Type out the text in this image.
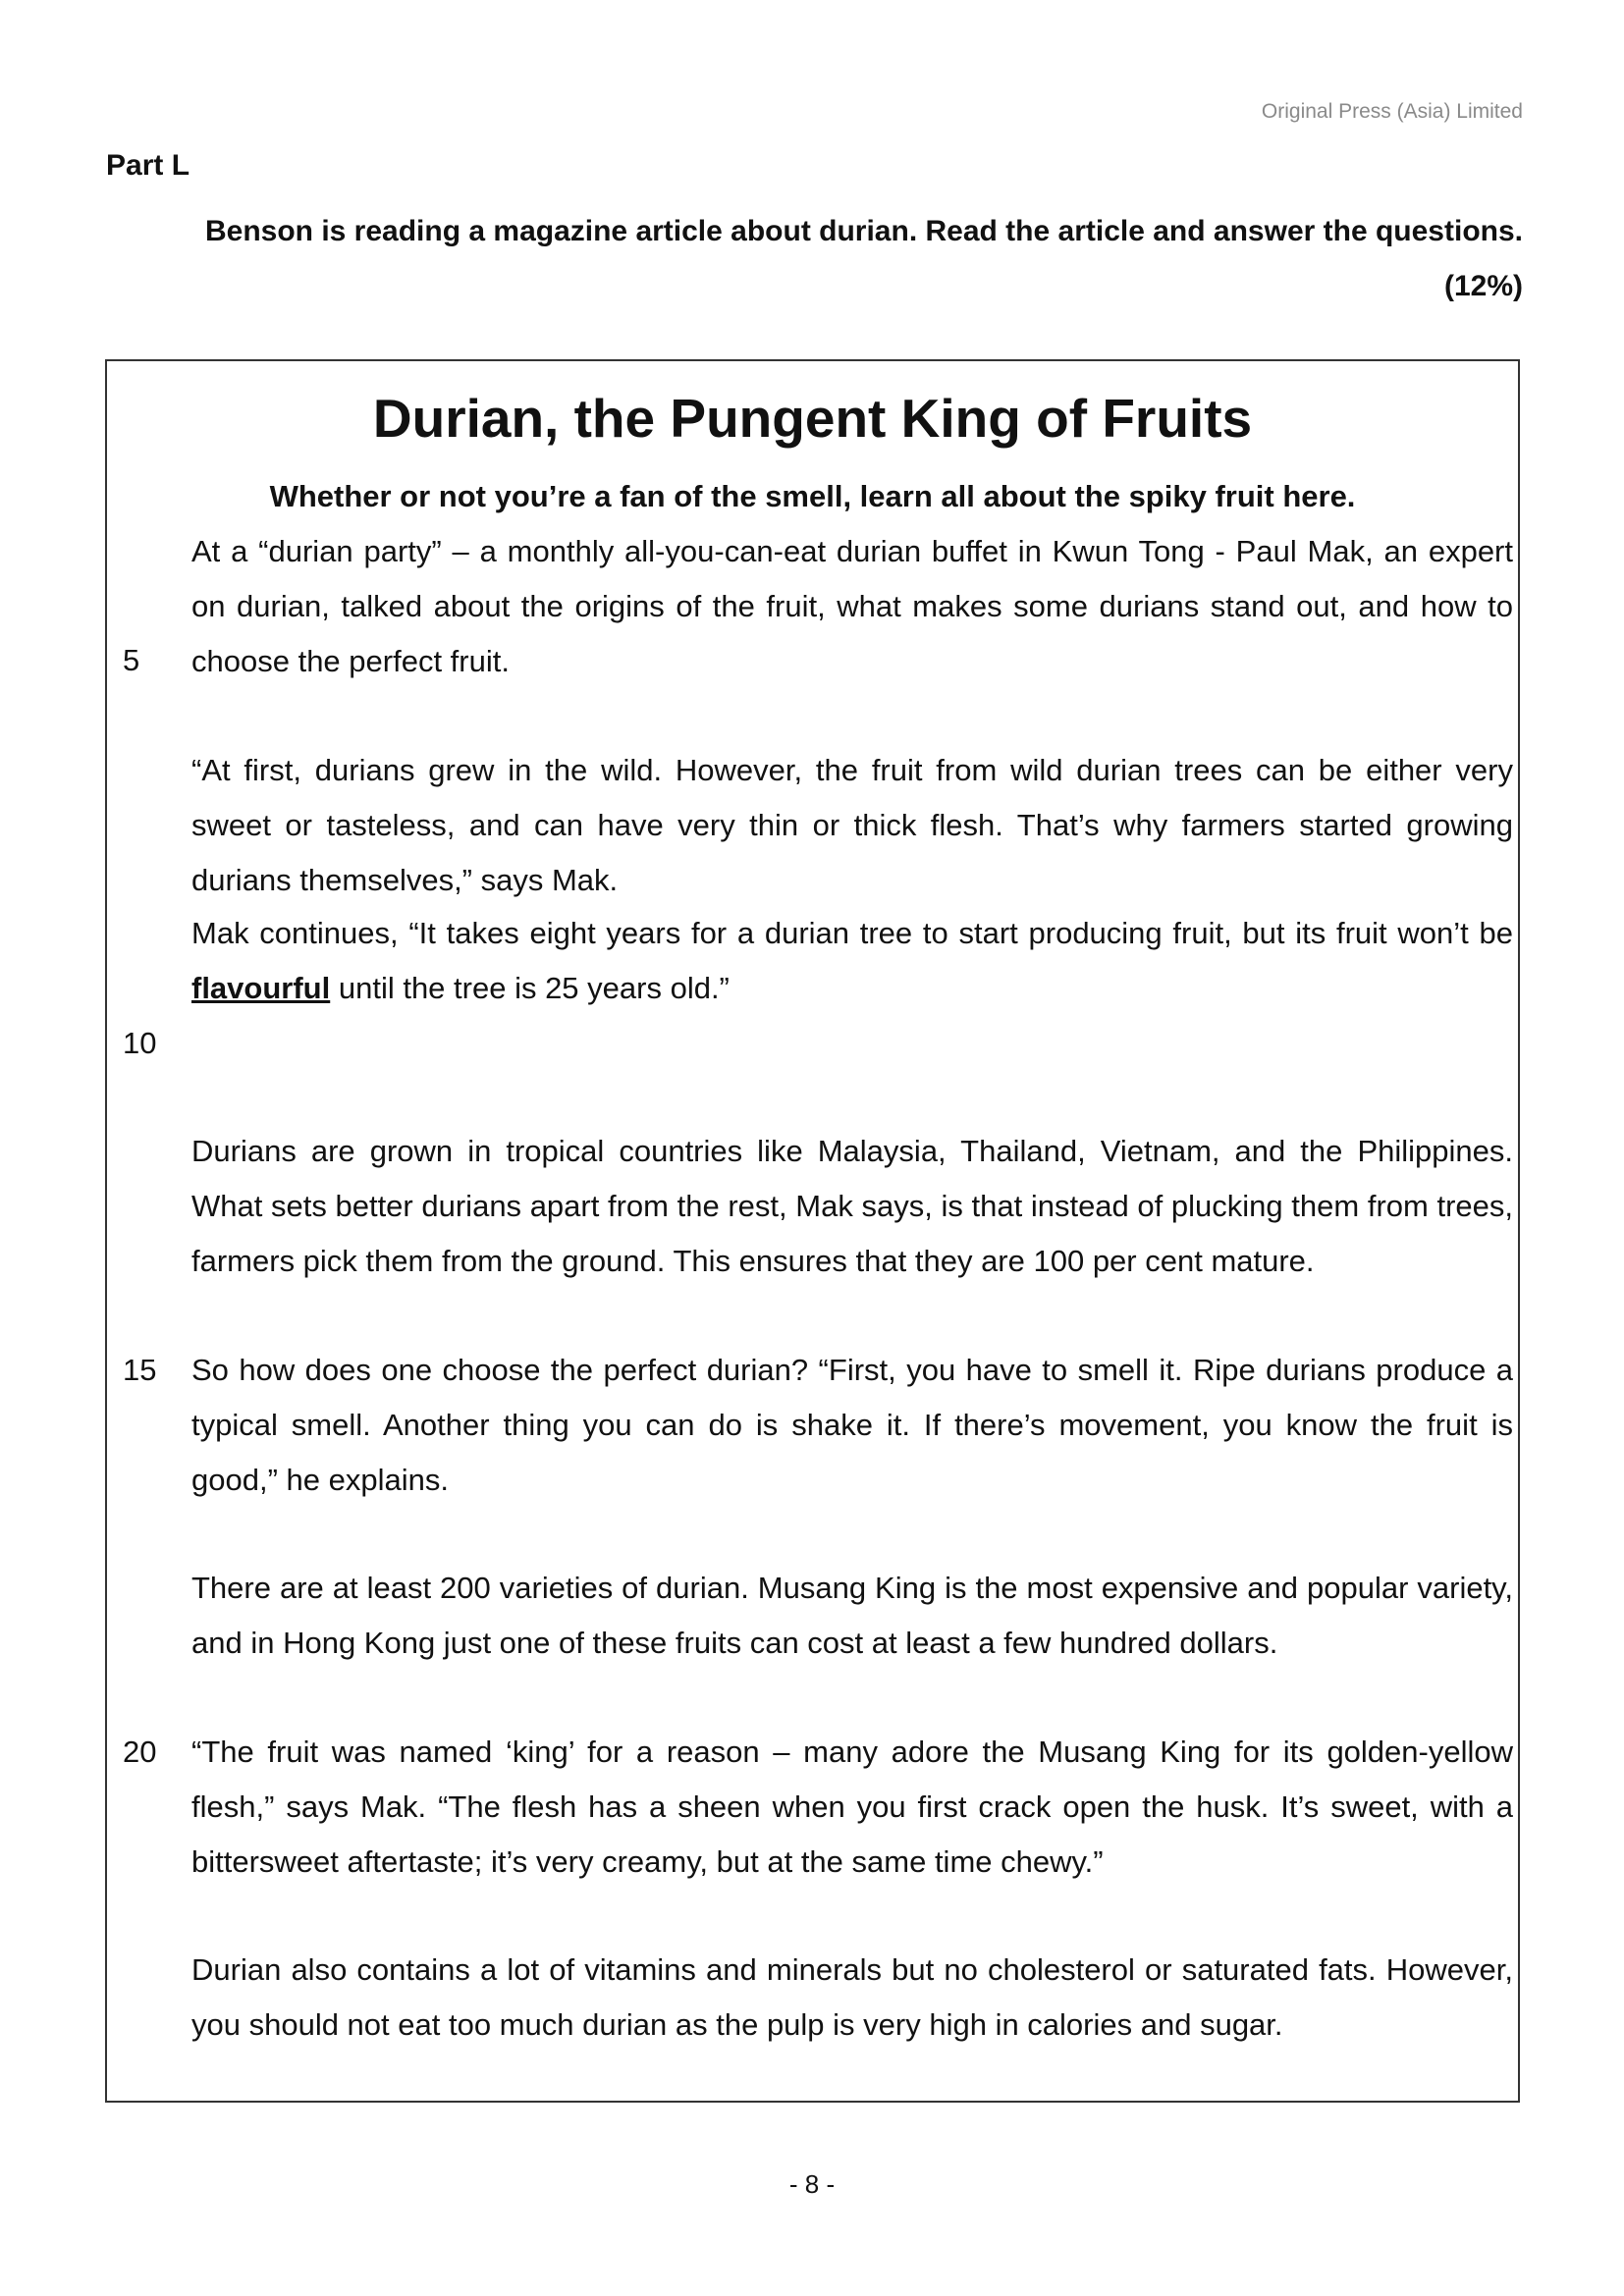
Original Press (Asia) Limited
Part L
Benson is reading a magazine article about durian. Read the article and answer the questions.
(12%)
Durian, the Pungent King of Fruits
Whether or not you’re a fan of the smell, learn all about the spiky fruit here.

At a “durian party” – a monthly all-you-can-eat durian buffet in Kwun Tong - Paul Mak, an expert on durian, talked about the origins of the fruit, what makes some durians stand out, and how to choose the perfect fruit.

5

“At first, durians grew in the wild. However, the fruit from wild durian trees can be either very sweet or tasteless, and can have very thin or thick flesh. That’s why farmers started growing durians themselves,” says Mak.

Mak continues, “It takes eight years for a durian tree to start producing fruit, but its fruit won’t be flavourful until the tree is 25 years old.”

10

Durians are grown in tropical countries like Malaysia, Thailand, Vietnam, and the Philippines. What sets better durians apart from the rest, Mak says, is that instead of plucking them from trees, farmers pick them from the ground. This ensures that they are 100 per cent mature.

So how does one choose the perfect durian? “First, you have to smell it. Ripe durians produce a typical smell. Another thing you can do is shake it. If there’s movement, you know the fruit is good,” he explains.

15

There are at least 200 varieties of durian. Musang King is the most expensive and popular variety, and in Hong Kong just one of these fruits can cost at least a few hundred dollars.

“The fruit was named ‘king’ for a reason – many adore the Musang King for its golden-yellow flesh,” says Mak. “The flesh has a sheen when you first crack open the husk. It’s sweet, with a bittersweet aftertaste; it’s very creamy, but at the same time chewy.”

20

Durian also contains a lot of vitamins and minerals but no cholesterol or saturated fats. However, you should not eat too much durian as the pulp is very high in calories and sugar.

- 8 -
